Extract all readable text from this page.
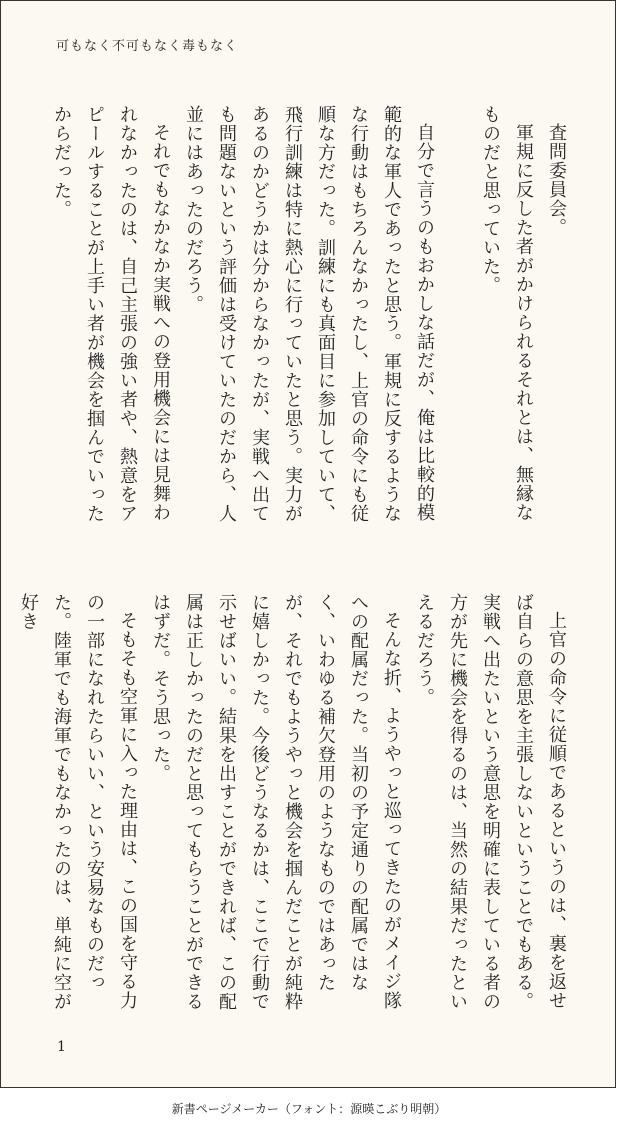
可もなく不可もなく毒もなく

査問委員会。

軍規に反した者がかけられるそれとは、無縁なものだと思っていた。

自分で言うのもおかしな話だが、俺は比較的模範的な軍人であったと思う。軍規に反するようなな行動はもちろんなかったし、上官の命令にも従順な方だった。訓練にも真面目に参加していて、飛行訓練は特に熱心に行っていたと思う。実力があるのかどうかは分からなかったが、実戦へ出ても問題ないという評価は受けていたのだから、人並にはあったのだろう。

それでもなかなか実戦への登用機会には見舞われなかったのは、自己主張の強い者や、熱意をアピールすることが上手い者が機会を掴んでいったからだった。

上官の命令に従順であるというのは、裏を返せば自らの意思を主張しないということでもある。実戦へ出たいという意思を明確に表している者の方が先に機会を得るのは、当然の結果だったといえるだろう。

そんな折、ようやっと巡ってきたのがメイジ隊への配属だった。当初の予定通りの配属ではなく、いわゆる補欠登用のようなものではあったが、それでもようやっと機会を掴んだことが純粋に嬉しかった。今後どうなるかは、ここで行動で示せばいい。結果を出すことができれば、この配属は正しかったのだと思ってもらうことができるはずだ。そう思った。

そもそも空軍に入った理由は、この国を守る力の一部になれたらいい、という安易なものだった。陸軍でも海軍でもなかったのは、単純に空が好き

1
新書ページメーカー（フォント：源暎こぶり明朝）
